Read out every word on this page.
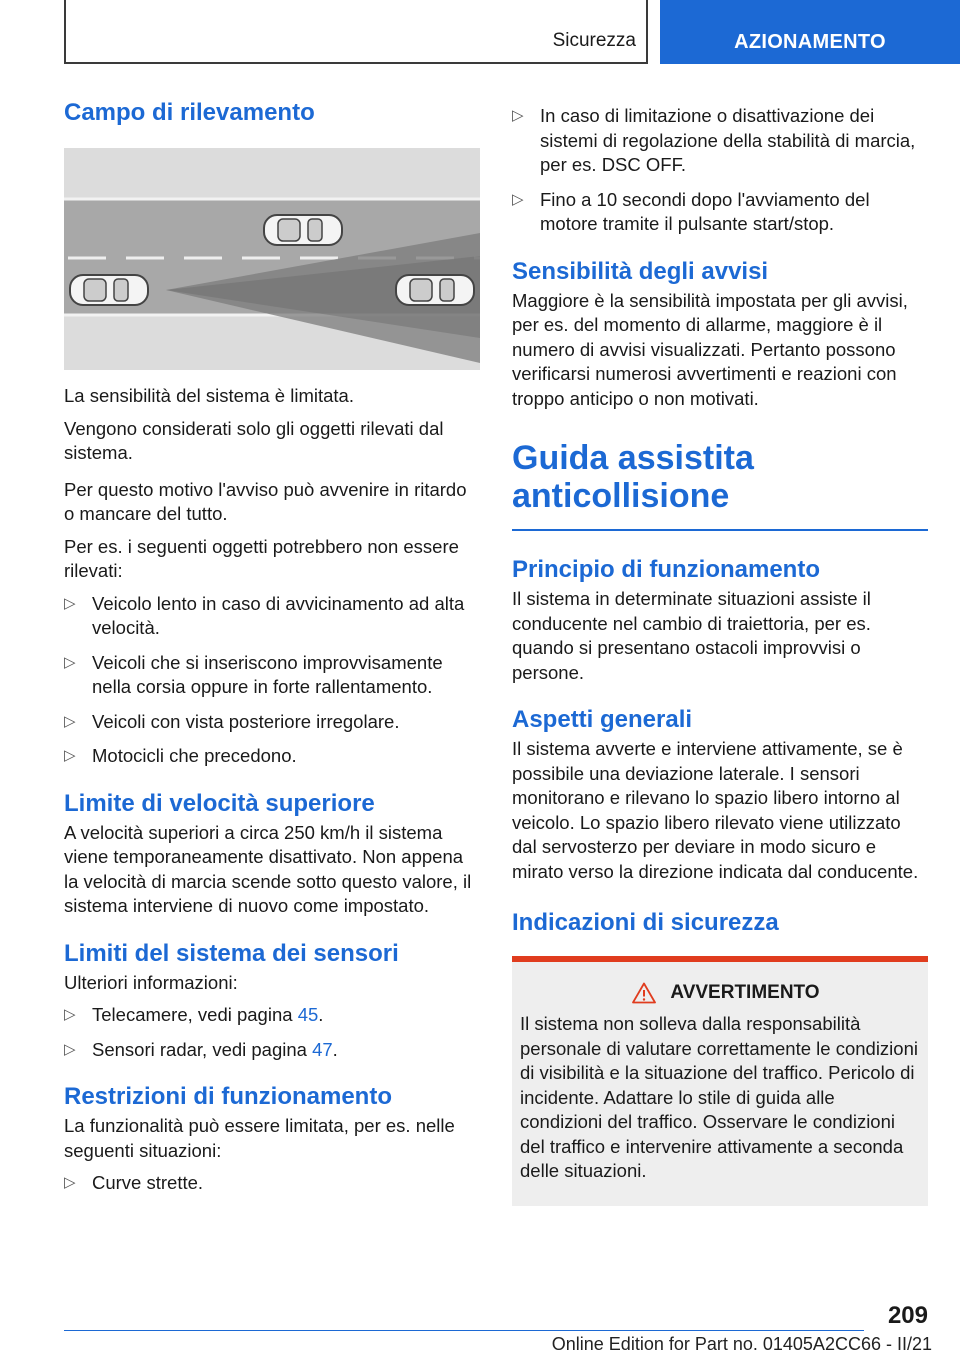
Sicurezza	AZIONAMENTO
Campo di rilevamento

La sensibilità del sistema è limitata.

Vengono considerati solo gli oggetti rilevati dal sistema.

Per questo motivo l'avviso può avvenire in ritardo o mancare del tutto.

Per es. i seguenti oggetti potrebbero non essere rilevati:

▷ Veicolo lento in caso di avvicinamento ad alta velocità.
▷ Veicoli che si inseriscono improvvisamente nella corsia oppure in forte rallentamento.
▷ Veicoli con vista posteriore irregolare.
▷ Motocicli che precedono.
Limite di velocità superiore

A velocità superiori a circa 250 km/h il sistema viene temporaneamente disattivato. Non appena la velocità di marcia scende sotto questo valore, il sistema interviene di nuovo come impostato.

Limiti del sistema dei sensori

Ulteriori informazioni:

▷ Telecamere, vedi pagina 45.
▷ Sensori radar, vedi pagina 47.
Restrizioni di funzionamento

La funzionalità può essere limitata, per es. nelle seguenti situazioni:

▷ Curve strette.
▷ In caso di limitazione o disattivazione dei sistemi di regolazione della stabilità di marcia, per es. DSC OFF.
▷ Fino a 10 secondi dopo l'avviamento del motore tramite il pulsante start/stop.
Sensibilità degli avvisi

Maggiore è la sensibilità impostata per gli avvisi, per es. del momento di allarme, maggiore è il numero di avvisi visualizzati. Pertanto possono verificarsi numerosi avvertimenti e reazioni con troppo anticipo o non motivati.

Guida assistita
anticollisione
Principio di funzionamento

Il sistema in determinate situazioni assiste il conducente nel cambio di traiettoria, per es. quando si presentano ostacoli improvvisi o persone.

Aspetti generali

Il sistema avverte e interviene attivamente, se è possibile una deviazione laterale. I sensori monitorano e rilevano lo spazio libero intorno al veicolo. Lo spazio libero rilevato viene utilizzato dal servosterzo per deviare in modo sicuro e mirato verso la direzione indicata dal conducente.

Indicazioni di sicurezza
AVVERTIMENTO

Il sistema non solleva dalla responsabilità personale di valutare correttamente le condizioni di visibilità e la situazione del traffico. Pericolo di incidente. Adattare lo stile di guida alle condizioni del traffico. Osservare le condizioni del traffico e intervenire attivamente a seconda delle situazioni.

209
Online Edition for Part no. 01405A2CC66 - II/21
